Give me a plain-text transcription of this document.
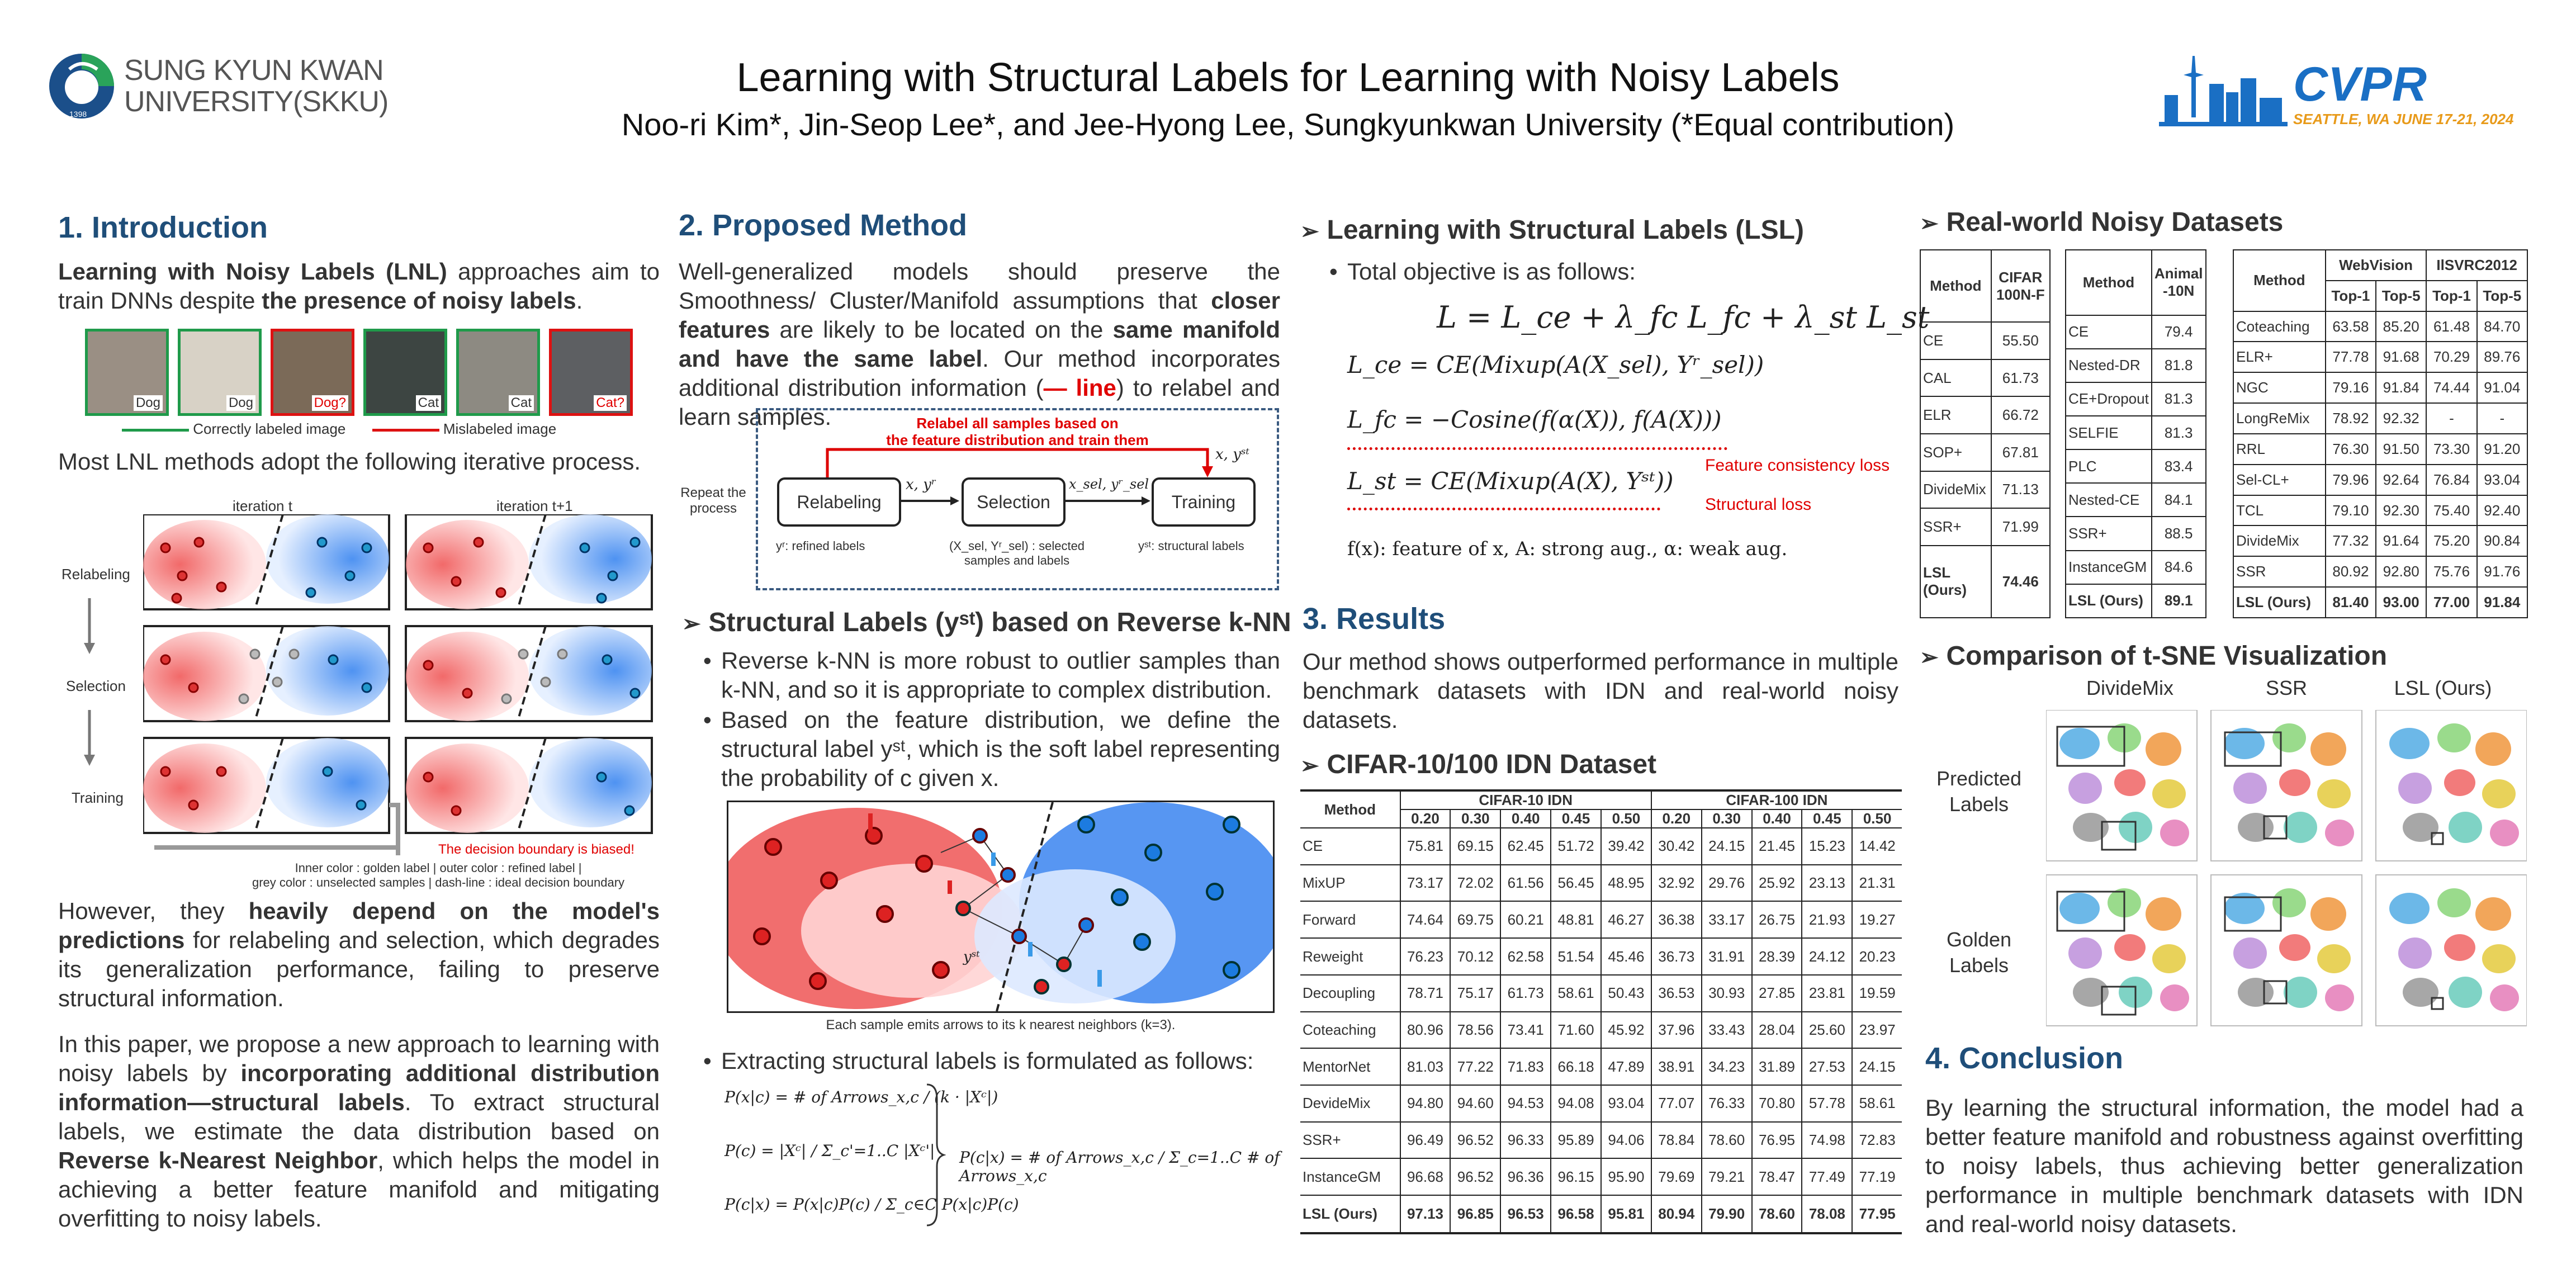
SUNG KYUN KWAN
UNIVERSITY(SKKU)
1398
Learning with Structural Labels for Learning with Noisy Labels
Noo-ri Kim*, Jin-Seop Lee*, and Jee-Hyong Lee, Sungkyunkwan University (*Equal contribution)
CVPR
SEATTLE, WA JUNE 17-21, 2024
1. Introduction
Learning with Noisy Labels (LNL) approaches aim to train DNNs despite the presence of noisy labels.
Dog	Dog	Dog?	Cat	Cat	Cat?
Correctly labeled image	Mislabeled image
Most LNL methods adopt the following iterative process.
iteration t	iteration t+1
Relabeling
Selection
Training
The decision boundary is biased!
Inner color : golden label | outer color : refined label |
grey color : unselected samples | dash-line : ideal decision boundary
However, they heavily depend on the model's predictions for relabeling and selection, which degrades its generalization performance, failing to preserve structural information.
In this paper, we propose a new approach to learning with noisy labels by incorporating additional distribution information—structural labels. To extract structural labels, we estimate the data distribution based on Reverse k-Nearest Neighbor, which helps the model in achieving a better feature manifold and mitigating overfitting to noisy labels.
2. Proposed Method
Well-generalized models should preserve the Smoothness/ Cluster/Manifold assumptions that closer features are likely to be located on the same manifold and have the same label. Our method incorporates additional distribution information (— line) to relabel and learn samples.
Repeat the process
Relabel all samples based on
the feature distribution and train them
Relabeling	Selection	Training
x, yʳ	x_sel, yʳ_sel
x, yˢᵗ
yʳ: refined labels	(X_sel, Yʳ_sel) : selected samples and labels
yˢᵗ: structural labels
➢ Structural Labels (yˢᵗ) based on Reverse k-NN
• Reverse k-NN is more robust to outlier samples than k-NN, and so it is appropriate to complex distribution.
• Based on the feature distribution, we define the structural label yˢᵗ, which is the soft label representing the probability of c given x.
yˢᵗ
Each sample emits arrows to its k nearest neighbors (k=3).
• Extracting structural labels is formulated as follows:
P(x|c) = # of Arrows_x,c / (k · |Xᶜ|)
P(c) = |Xᶜ| / Σ_c'=1..C |Xᶜ'|
P(c|x) = P(x|c)P(c) / Σ_c∈C P(x|c)P(c)
P(c|x) = # of Arrows_x,c / Σ_c=1..C # of Arrows_x,c
➢ Learning with Structural Labels (LSL)
• Total objective is as follows:
L = L_ce + λ_fc L_fc + λ_st L_st
L_ce = CE(Mixup(A(X_sel), Yʳ_sel))
L_fc = −Cosine(f(α(X)), f(A(X)))
Feature consistency loss
L_st = CE(Mixup(A(X), Yˢᵗ))
Structural loss
f(x): feature of x, A: strong aug., α: weak aug.
3. Results
Our method shows outperformed performance in multiple benchmark datasets with IDN and real-world noisy datasets.
➢ CIFAR-10/100 IDN Dataset
Method	CIFAR-10 IDN					CIFAR-100 IDN				
	0.20	0.30	0.40	0.45	0.50	0.20	0.30	0.40	0.45	0.50
CE	75.81	69.15	62.45	51.72	39.42	30.42	24.15	21.45	15.23	14.42
MixUP	73.17	72.02	61.56	56.45	48.95	32.92	29.76	25.92	23.13	21.31
Forward	74.64	69.75	60.21	48.81	46.27	36.38	33.17	26.75	21.93	19.27
Reweight	76.23	70.12	62.58	51.54	45.46	36.73	31.91	28.39	24.12	20.23
Decoupling	78.71	75.17	61.73	58.61	50.43	36.53	30.93	27.85	23.81	19.59
Coteaching	80.96	78.56	73.41	71.60	45.92	37.96	33.43	28.04	25.60	23.97
MentorNet	81.03	77.22	71.83	66.18	47.89	38.91	34.23	31.89	27.53	24.15
DevideMix	94.80	94.60	94.53	94.08	93.04	77.07	76.33	70.80	57.78	58.61
SSR+	96.49	96.52	96.33	95.89	94.06	78.84	78.60	76.95	74.98	72.83
InstanceGM	96.68	96.52	96.36	96.15	95.90	79.69	79.21	78.47	77.49	77.19
LSL (Ours)	97.13	96.85	96.53	96.58	95.81	80.94	79.90	78.60	78.08	77.95
➢ Real-world Noisy Datasets
Method	CIFAR 100N-F
CE	55.50
CAL	61.73
ELR	66.72
SOP+	67.81
DivideMix	71.13
SSR+	71.99
LSL (Ours)	74.46
Method	Animal -10N
CE	79.4
Nested-DR	81.8
CE+Dropout	81.3
SELFIE	81.3
PLC	83.4
Nested-CE	84.1
SSR+	88.5
InstanceGM	84.6
LSL (Ours)	89.1
Method	WebVision		IlSVRC2012	
	Top-1	Top-5	Top-1	Top-5
Coteaching	63.58	85.20	61.48	84.70
ELR+	77.78	91.68	70.29	89.76
NGC	79.16	91.84	74.44	91.04
LongReMix	78.92	92.32	-	-
RRL	76.30	91.50	73.30	91.20
Sel-CL+	79.96	92.64	76.84	93.04
TCL	79.10	92.30	75.40	92.40
DivideMix	77.32	91.64	75.20	90.84
SSR	80.92	92.80	75.76	91.76
LSL (Ours)	81.40	93.00	77.00	91.84
➢ Comparison of t-SNE Visualization
DivideMix	SSR	LSL (Ours)
Predicted Labels
Golden Labels
4. Conclusion
By learning the structural information, the model had a better feature manifold and robustness against overfitting to noisy labels, thus achieving better generalization performance in multiple benchmark datasets with IDN and real-world noisy datasets.
